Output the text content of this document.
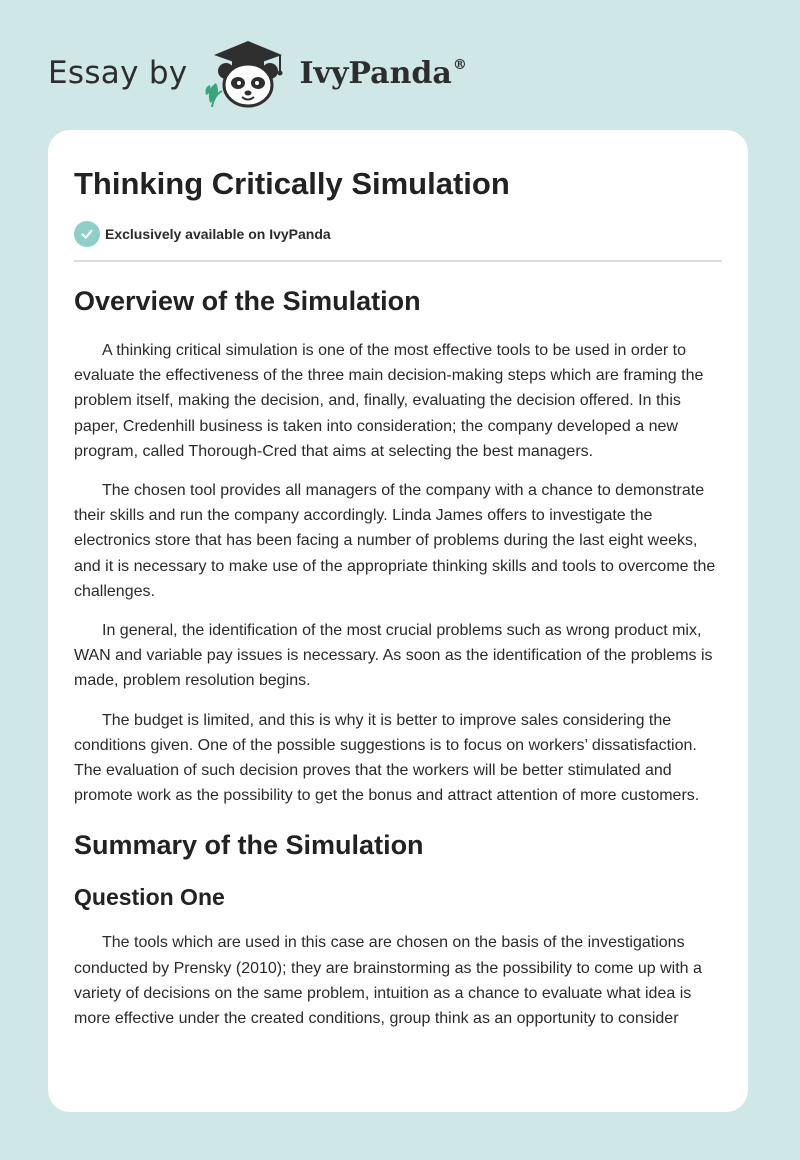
Essay by	IvyPanda®
Thinking Critically Simulation
Exclusively available on IvyPanda
Overview of the Simulation

A thinking critical simulation is one of the most effective tools to be used in order to evaluate the effectiveness of the three main decision-making steps which are framing the problem itself, making the decision, and, finally, evaluating the decision offered. In this paper, Credenhill business is taken into consideration; the company developed a new program, called Thorough-Cred that aims at selecting the best managers.

The chosen tool provides all managers of the company with a chance to demonstrate their skills and run the company accordingly. Linda James offers to investigate the electronics store that has been facing a number of problems during the last eight weeks, and it is necessary to make use of the appropriate thinking skills and tools to overcome the challenges.

In general, the identification of the most crucial problems such as wrong product mix, WAN and variable pay issues is necessary. As soon as the identification of the problems is made, problem resolution begins.

The budget is limited, and this is why it is better to improve sales considering the conditions given. One of the possible suggestions is to focus on workers’ dissatisfaction. The evaluation of such decision proves that the workers will be better stimulated and promote work as the possibility to get the bonus and attract attention of more customers.

Summary of the Simulation
Question One

The tools which are used in this case are chosen on the basis of the investigations conducted by Prensky (2010); they are brainstorming as the possibility to come up with a variety of decisions on the same problem, intuition as a chance to evaluate what idea is more effective under the created conditions, group think as an opportunity to consider
